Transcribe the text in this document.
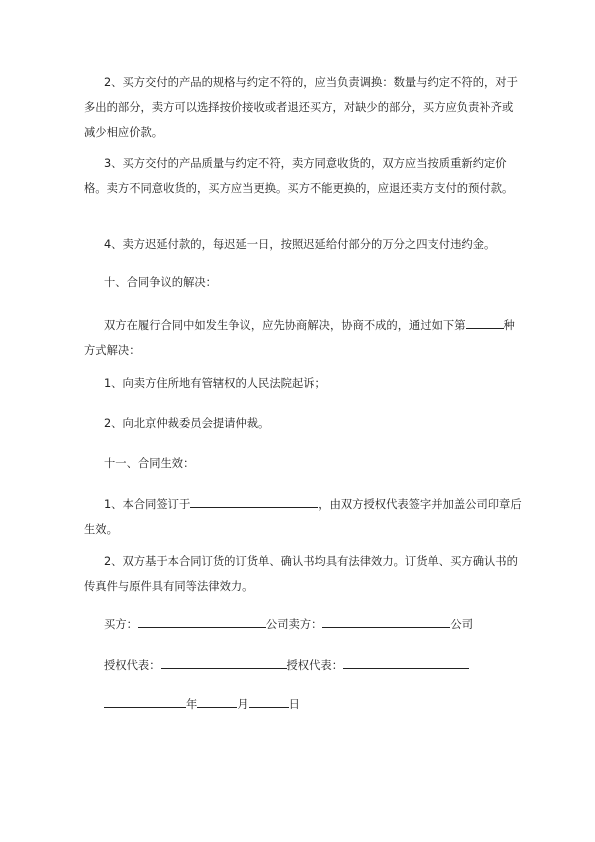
2、买方交付的产品的规格与约定不符的，应当负责调换：数量与约定不符的，对于多出的部分，卖方可以选择按价接收或者退还买方，对缺少的部分，买方应负责补齐或减少相应价款。

3、买方交付的产品质量与约定不符，卖方同意收货的，双方应当按质重新约定价格。卖方不同意收货的，买方应当更换。买方不能更换的，应退还卖方支付的预付款。

4、卖方迟延付款的，每迟延一日，按照迟延给付部分的万分之四支付违约金。

十、合同争议的解决：

双方在履行合同中如发生争议，应先协商解决，协商不成的，通过如下第	种方式解决：

1、向卖方住所地有管辖权的人民法院起诉；

2、向北京仲裁委员会提请仲裁。

十一、合同生效：

1、本合同签订于	，由双方授权代表签字并加盖公司印章后生效。

2、双方基于本合同订货的订货单、确认书均具有法律效力。订货单、买方确认书的传真件与原件具有同等法律效力。

买方：	公司卖方：	公司

授权代表：	授权代表：

年	月	日
